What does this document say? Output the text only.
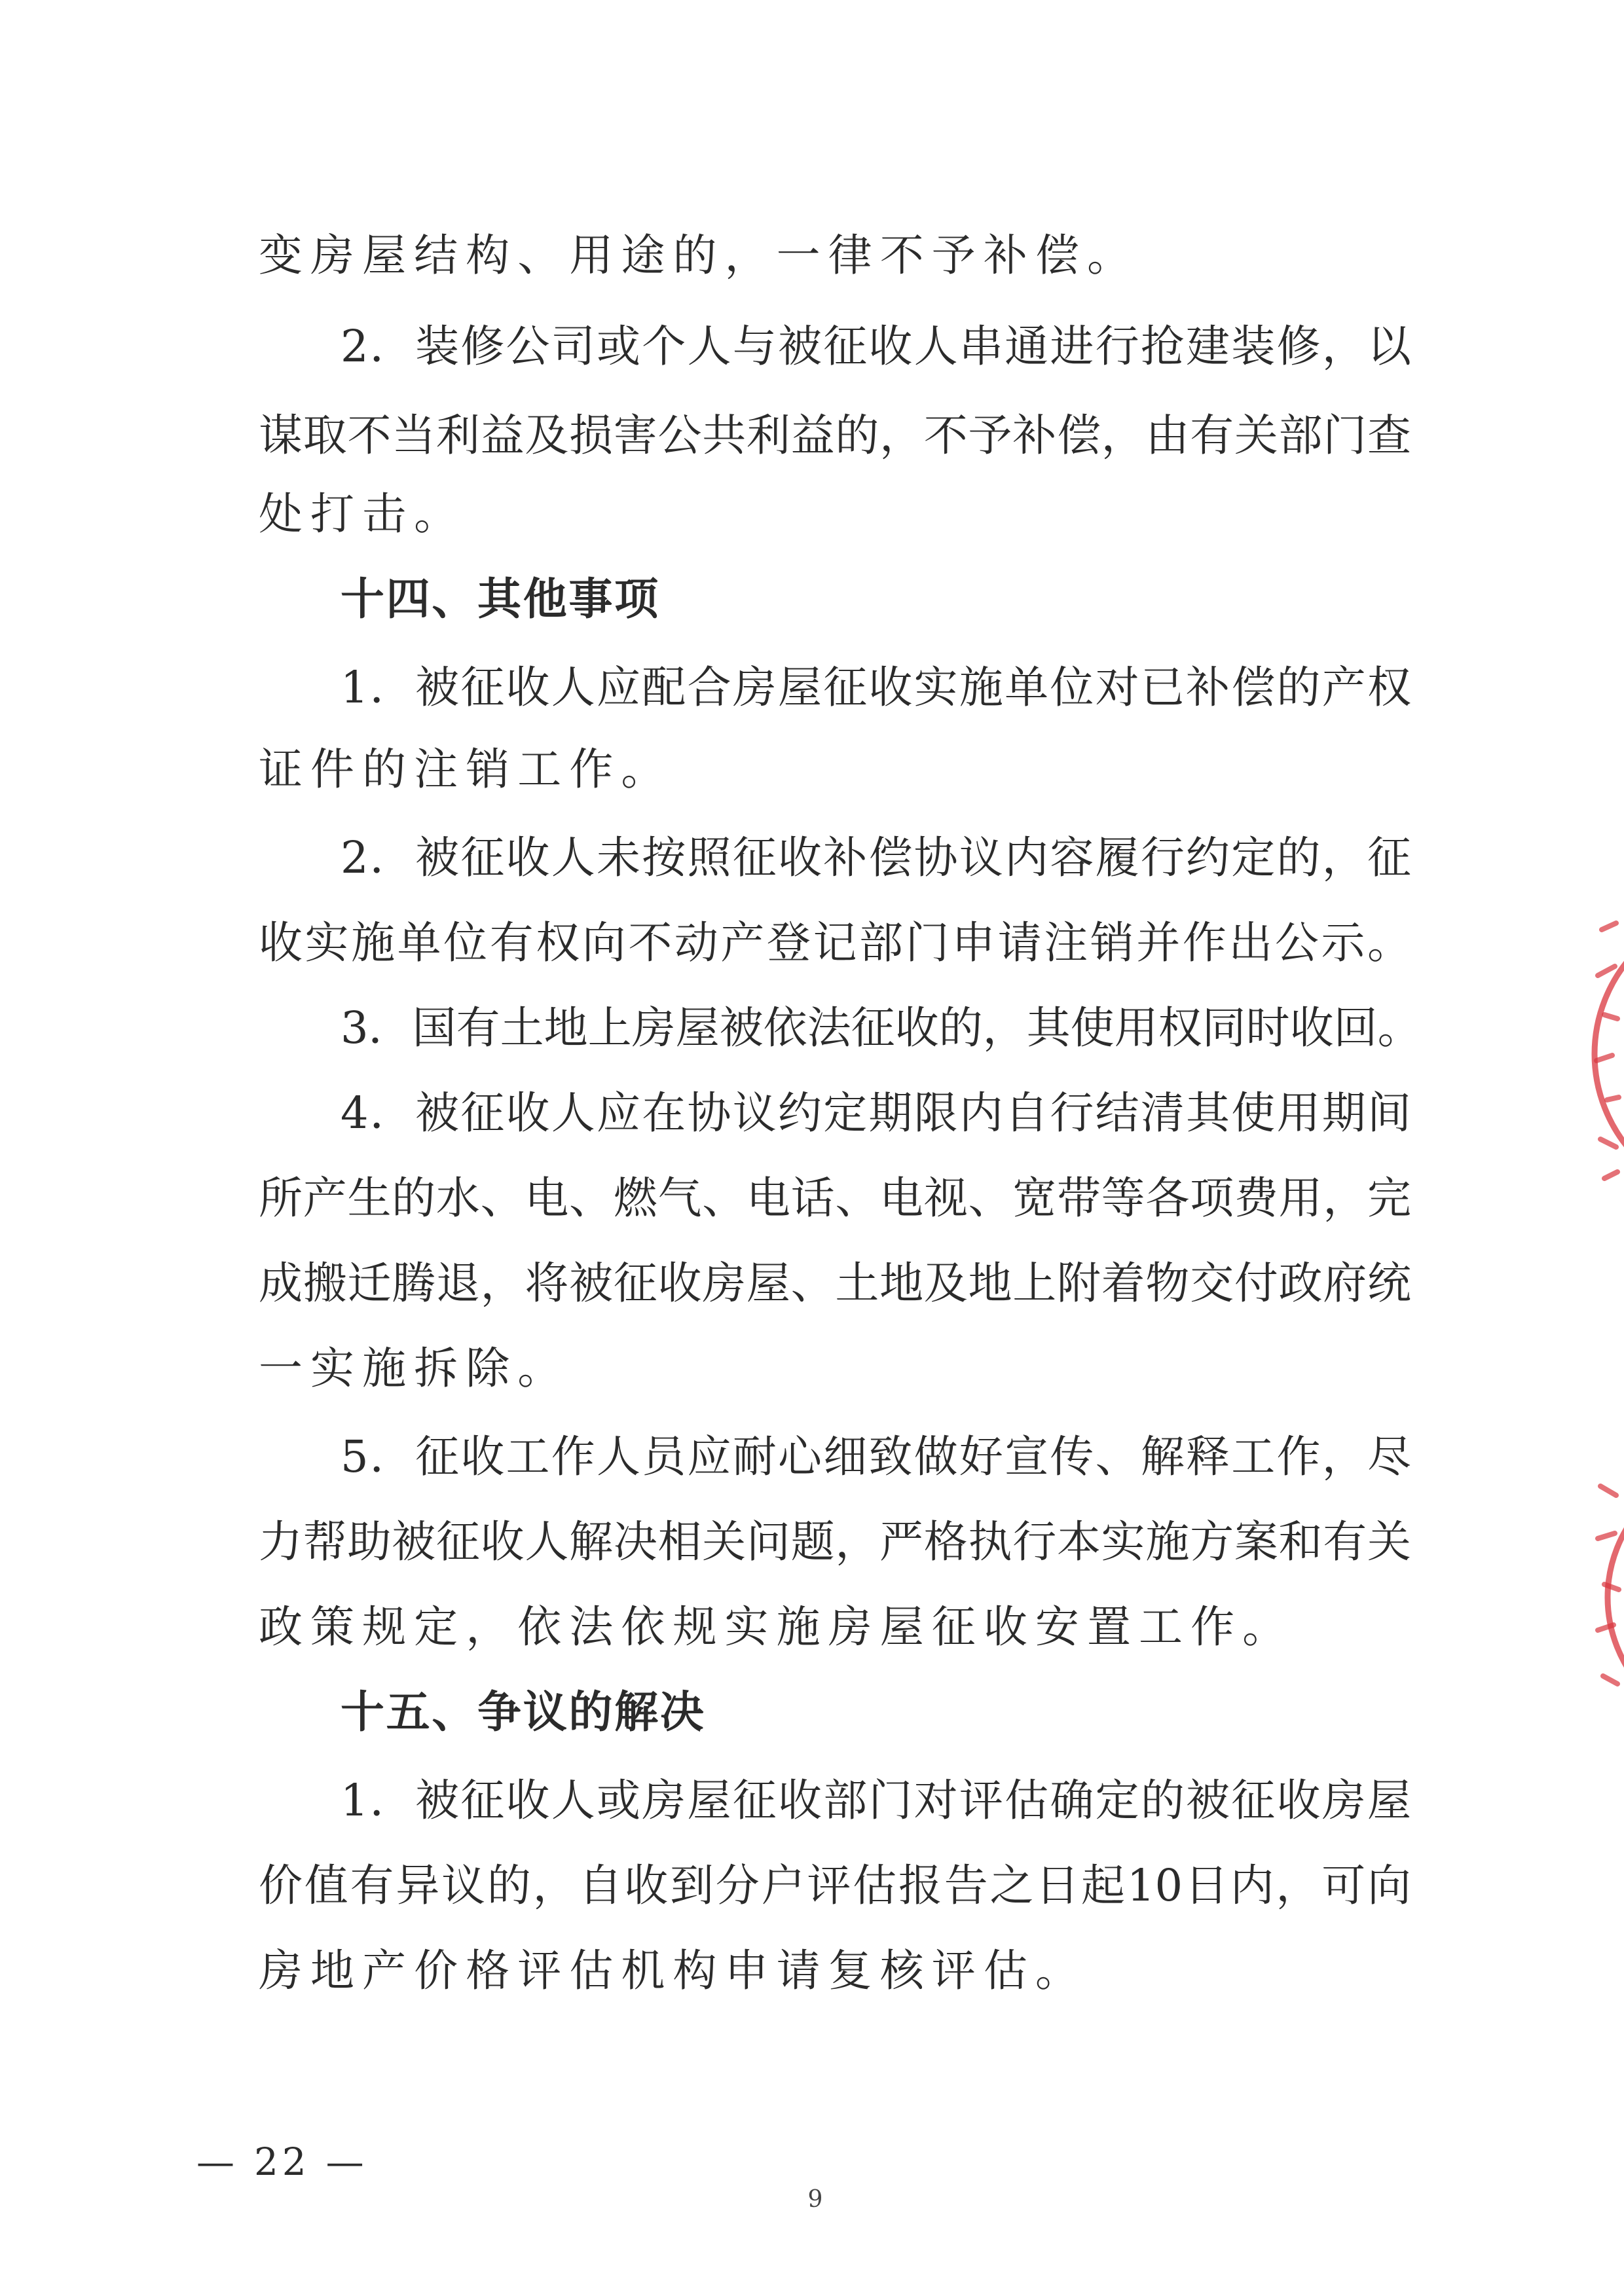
变房屋结构、用途的，一律不予补偿。
2．装修公司或个人与被征收人串通进行抢建装修，以
谋取不当利益及损害公共利益的，不予补偿，由有关部门查
处打击。
十四、其他事项
1．被征收人应配合房屋征收实施单位对已补偿的产权
证件的注销工作。
2．被征收人未按照征收补偿协议内容履行约定的，征
收实施单位有权向不动产登记部门申请注销并作出公示。
3．国有土地上房屋被依法征收的，其使用权同时收回。
4．被征收人应在协议约定期限内自行结清其使用期间
所产生的水、电、燃气、电话、电视、宽带等各项费用，完
成搬迁腾退，将被征收房屋、土地及地上附着物交付政府统
一实施拆除。
5．征收工作人员应耐心细致做好宣传、解释工作，尽
力帮助被征收人解决相关问题，严格执行本实施方案和有关
政策规定，依法依规实施房屋征收安置工作。
十五、争议的解决
1．被征收人或房屋征收部门对评估确定的被征收房屋
价值有异议的，自收到分户评估报告之日起10日内，可向
房地产价格评估机构申请复核评估。
— 22 —
9
